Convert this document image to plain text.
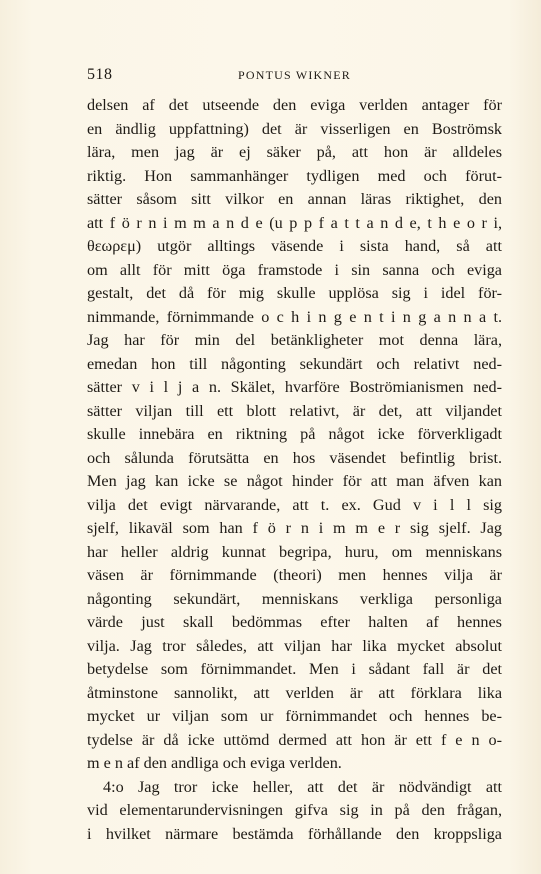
518	PONTUS WIKNER
delsen af det utseende den eviga verlden antager för
en ändlig uppfattning) det är visserligen en Boströmsk
lära, men jag är ej säker på, att hon är alldeles
riktig. Hon sammanhänger tydligen med och förut-
sätter såsom sitt vilkor en annan läras riktighet, den
att f ö r n i m m a n d e (u p p f a t t a n d e, t h e o r i,
θεωρεμ) utgör alltings väsende i sista hand, så att
om allt för mitt öga framstode i sin sanna och eviga
gestalt, det då för mig skulle upplösa sig i idel för-
nimmande, förnimmande o c h i n g e n t i n g a n n a t.
Jag har för min del betänkligheter mot denna lära,
emedan hon till någonting sekundärt och relativt ned-
sätter v i l j a n. Skälet, hvarföre Boströmianismen ned-
sätter viljan till ett blott relativt, är det, att viljandet
skulle innebära en riktning på något icke förverkligadt
och sålunda förutsätta en hos väsendet befintlig brist.
Men jag kan icke se något hinder för att man äfven kan
vilja det evigt närvarande, att t. ex. Gud v i l l sig
sjelf, likaväl som han f ö r n i m m e r sig sjelf. Jag
har heller aldrig kunnat begripa, huru, om menniskans
väsen är förnimmande (theori) men hennes vilja är
någonting sekundärt, menniskans verkliga personliga
värde just skall bedömmas efter halten af hennes
vilja. Jag tror således, att viljan har lika mycket absolut
betydelse som förnimmandet. Men i sådant fall är det
åtminstone sannolikt, att verlden är att förklara lika
mycket ur viljan som ur förnimmandet och hennes be-
tydelse är då icke uttömd dermed att hon är ett f e n o-
m e n af den andliga och eviga verlden.
4:o Jag tror icke heller, att det är nödvändigt att
vid elementarundervisningen gifva sig in på den frågan,
i hvilket närmare bestämda förhållande den kroppsliga
